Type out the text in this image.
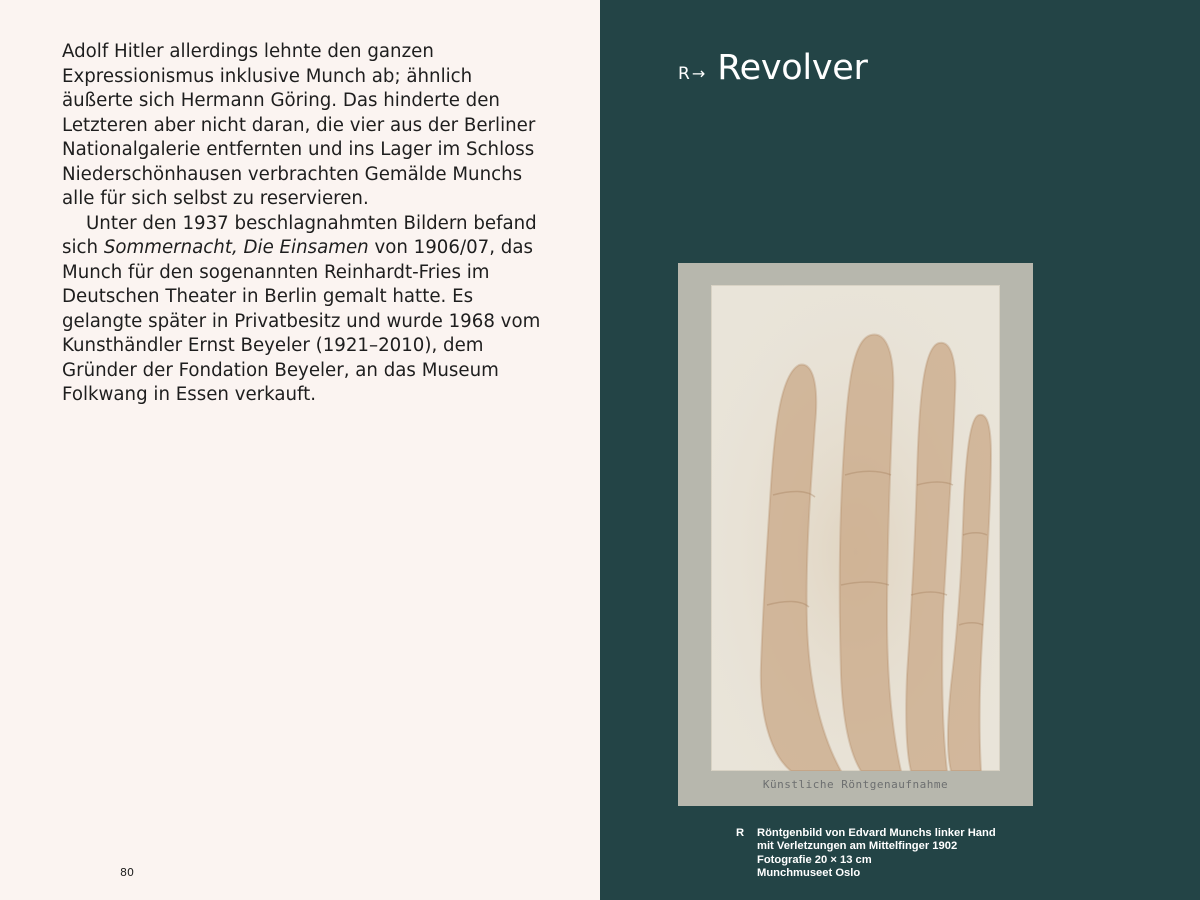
Adolf Hitler allerdings lehnte den ganzen Expressionismus inklusive Munch ab; ähnlich äußerte sich Hermann Göring. Das hinderte den Letzteren aber nicht daran, die vier aus der Berliner Nationalgalerie entfernten und ins Lager im Schloss Niederschönhausen verbrachten Gemälde Munchs alle für sich selbst zu reservieren.

Unter den 1937 beschlagnahmten Bildern befand sich Sommernacht, Die Einsamen von 1906/07, das Munch für den sogenannten Reinhardt-Fries im Deutschen Theater in Berlin gemalt hatte. Es gelangte später in Privatbesitz und wurde 1968 vom Kunsthändler Ernst Beyeler (1921–2010), dem Gründer der Fondation Beyeler, an das Museum Folkwang in Essen verkauft.

80
R → Revolver
Künstliche Röntgenaufnahme
R	Röntgenbild von Edvard Munchs linker Hand
mit Verletzungen am Mittelfinger 1902
Fotografie 20 × 13 cm
Munchmuseet Oslo
